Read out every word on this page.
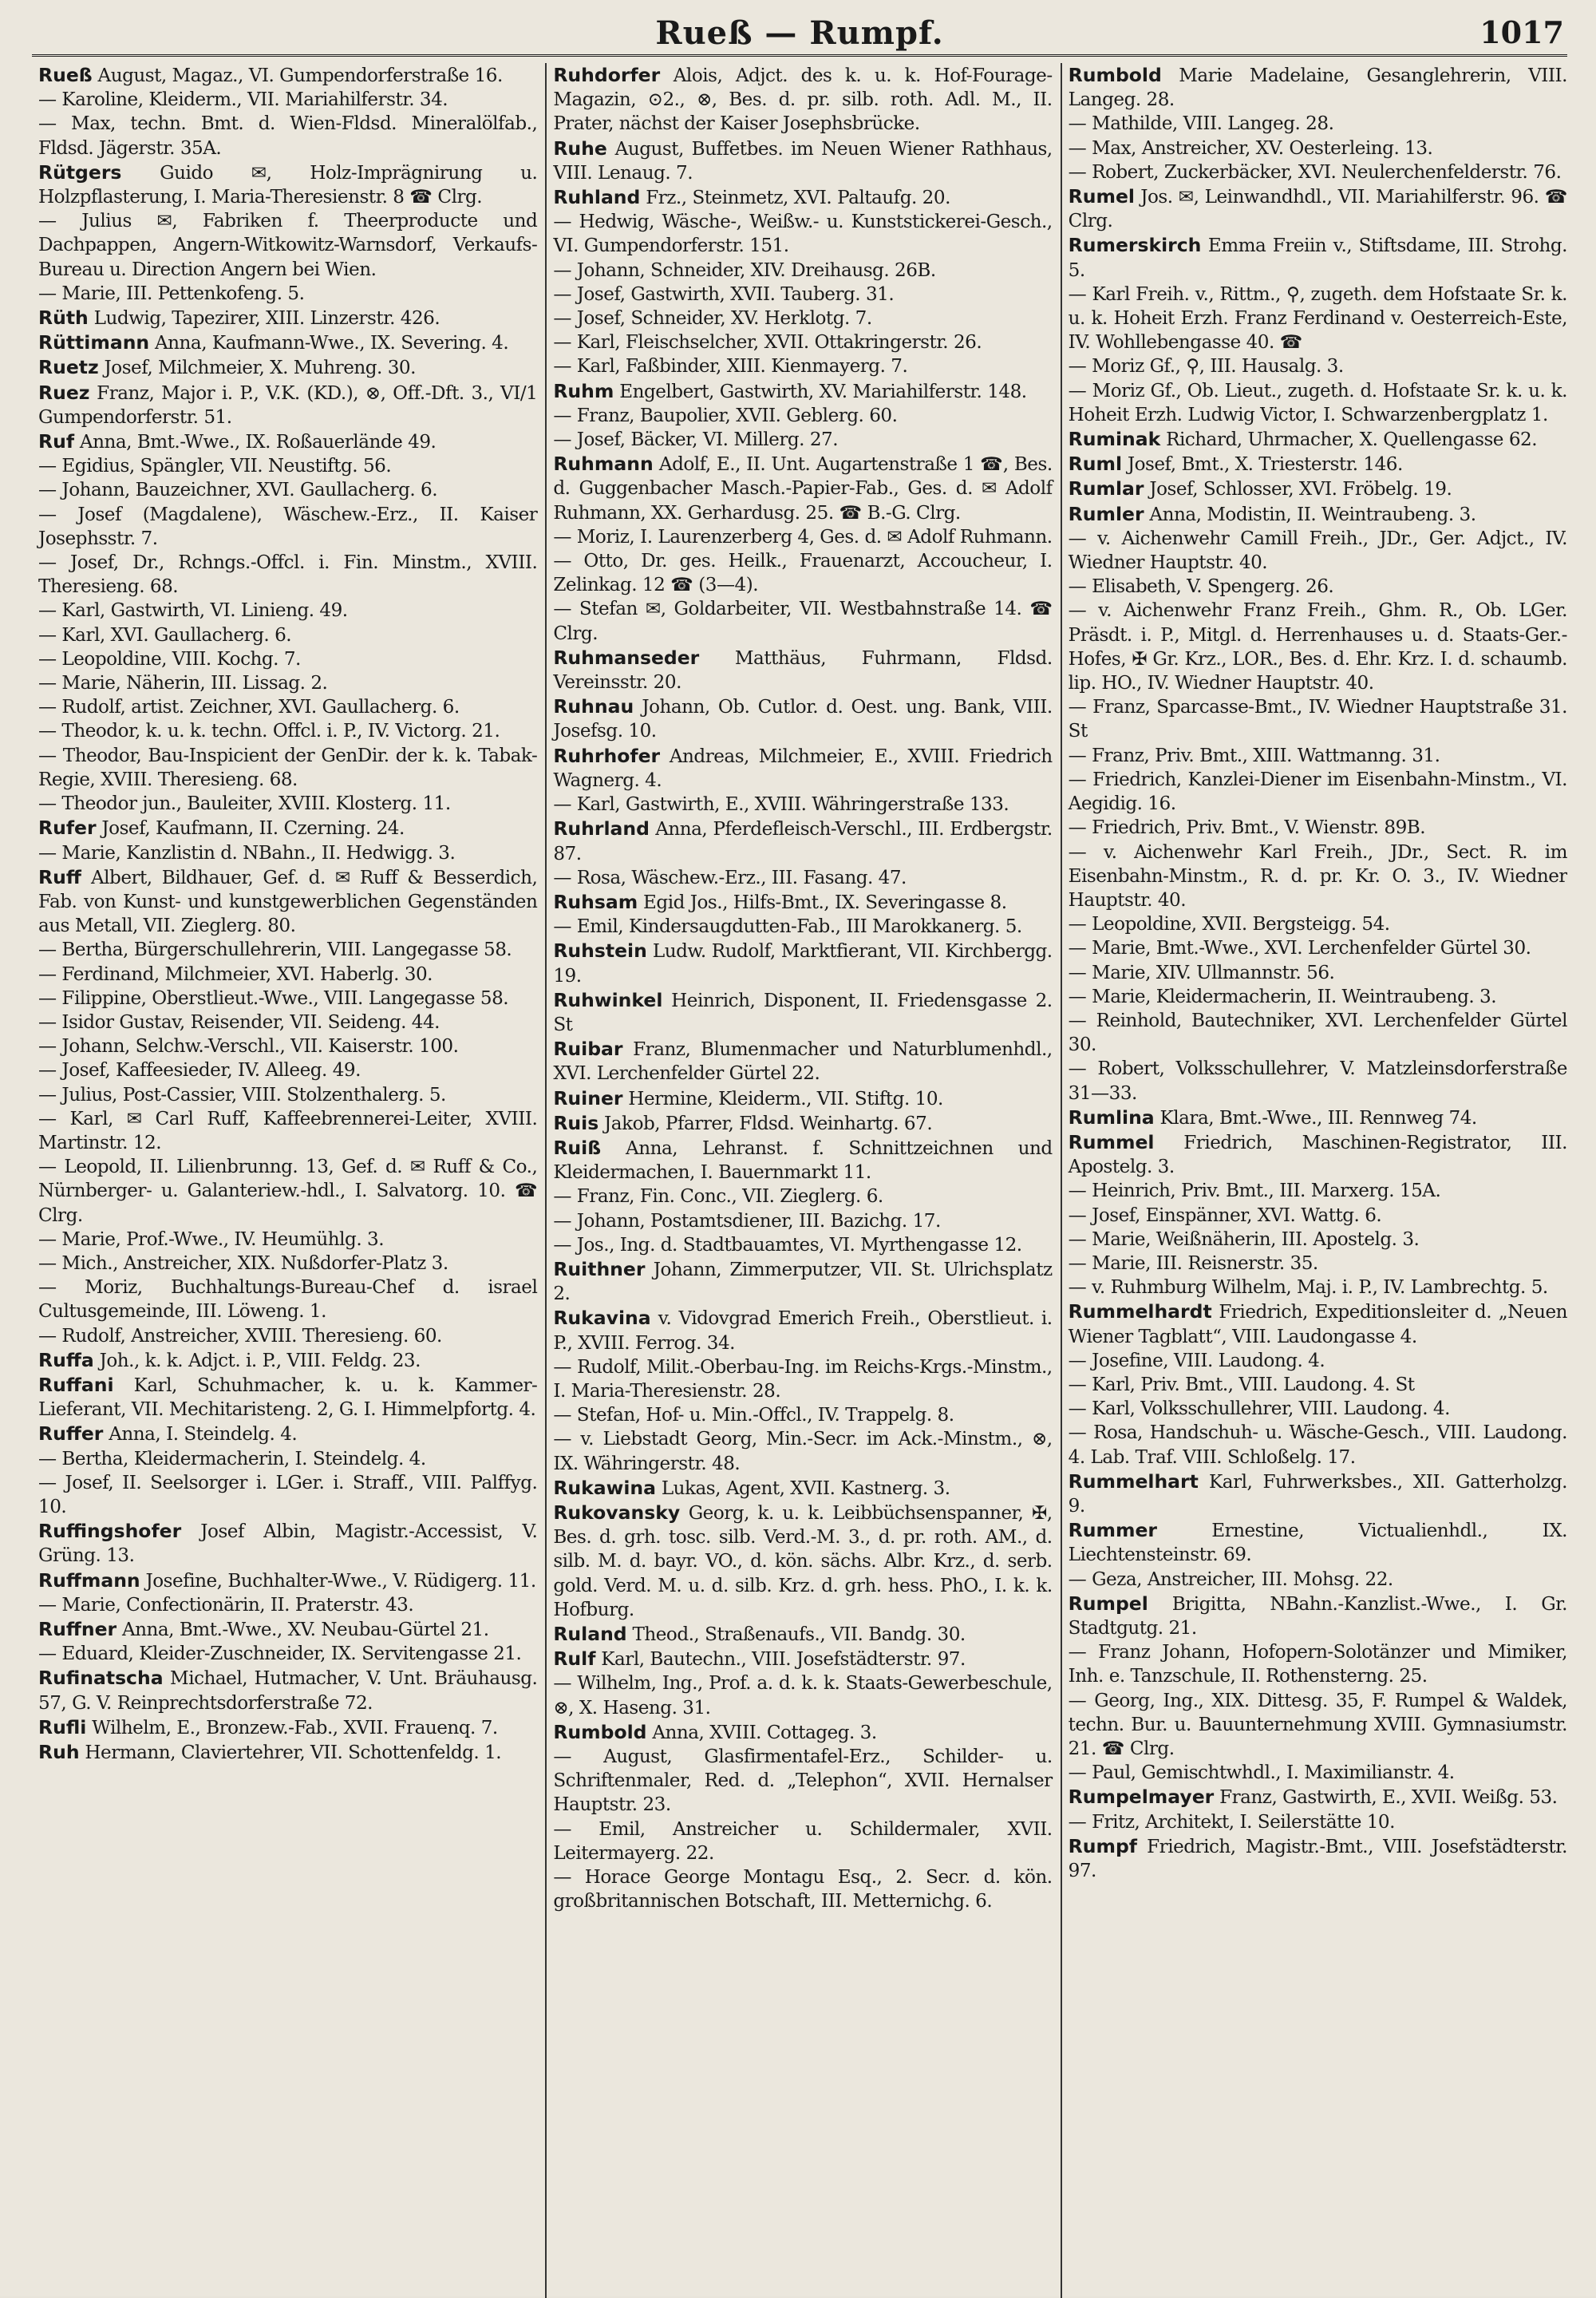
Rueß — Rumpf.	1017

Rueß August, Magaz., VI. Gumpendorferstraße 16.

— Karoline, Kleiderm., VII. Mariahilferstr. 34.

— Max, techn. Bmt. d. Wien-Fldsd. Mineralölfab., Fldsd. Jägerstr. 35A.

Rütgers Guido ✉, Holz-Imprägnirung u. Holzpflasterung, I. Maria-Theresienstr. 8 ☎ Clrg.

— Julius ✉, Fabriken f. Theerproducte und Dachpappen, Angern-Witkowitz-Warnsdorf, Verkaufs-Bureau u. Direction Angern bei Wien.

— Marie, III. Pettenkofeng. 5.

Rüth Ludwig, Tapezirer, XIII. Linzerstr. 426.

Rüttimann Anna, Kaufmann-Wwe., IX. Severing. 4.

Ruetz Josef, Milchmeier, X. Muhreng. 30.

Ruez Franz, Major i. P., V.K. (KD.), ⊗, Off.-Dft. 3., VI/1 Gumpendorferstr. 51.

Ruf Anna, Bmt.-Wwe., IX. Roßauerlände 49.

— Egidius, Spängler, VII. Neustiftg. 56.

— Johann, Bauzeichner, XVI. Gaullacherg. 6.

— Josef (Magdalene), Wäschew.-Erz., II. Kaiser Josephsstr. 7.

— Josef, Dr., Rchngs.-Offcl. i. Fin. Minstm., XVIII. Theresieng. 68.

— Karl, Gastwirth, VI. Linieng. 49.

— Karl, XVI. Gaullacherg. 6.

— Leopoldine, VIII. Kochg. 7.

— Marie, Näherin, III. Lissag. 2.

— Rudolf, artist. Zeichner, XVI. Gaullacherg. 6.

— Theodor, k. u. k. techn. Offcl. i. P., IV. Victorg. 21.

— Theodor, Bau-Inspicient der GenDir. der k. k. Tabak-Regie, XVIII. Theresieng. 68.

— Theodor jun., Bauleiter, XVIII. Klosterg. 11.

Rufer Josef, Kaufmann, II. Czerning. 24.

— Marie, Kanzlistin d. NBahn., II. Hedwigg. 3.

Ruff Albert, Bildhauer, Gef. d. ✉ Ruff & Besserdich, Fab. von Kunst- und kunstgewerblichen Gegenständen aus Metall, VII. Zieglerg. 80.

— Bertha, Bürgerschullehrerin, VIII. Langegasse 58.

— Ferdinand, Milchmeier, XVI. Haberlg. 30.

— Filippine, Oberstlieut.-Wwe., VIII. Langegasse 58.

— Isidor Gustav, Reisender, VII. Seideng. 44.

— Johann, Selchw.-Verschl., VII. Kaiserstr. 100.

— Josef, Kaffeesieder, IV. Alleeg. 49.

— Julius, Post-Cassier, VIII. Stolzenthalerg. 5.

— Karl, ✉ Carl Ruff, Kaffeebrennerei-Leiter, XVIII. Martinstr. 12.

— Leopold, II. Lilienbrunng. 13, Gef. d. ✉ Ruff & Co., Nürnberger- u. Galanteriew.-hdl., I. Salvatorg. 10. ☎ Clrg.

— Marie, Prof.-Wwe., IV. Heumühlg. 3.

— Mich., Anstreicher, XIX. Nußdorfer-Platz 3.

— Moriz, Buchhaltungs-Bureau-Chef d. israel Cultusgemeinde, III. Löweng. 1.

— Rudolf, Anstreicher, XVIII. Theresieng. 60.

Ruffa Joh., k. k. Adjct. i. P., VIII. Feldg. 23.

Ruffani Karl, Schuhmacher, k. u. k. Kammer-Lieferant, VII. Mechitaristeng. 2, G. I. Himmelpfortg. 4.

Ruffer Anna, I. Steindelg. 4.

— Bertha, Kleidermacherin, I. Steindelg. 4.

— Josef, II. Seelsorger i. LGer. i. Straff., VIII. Palffyg. 10.

Ruffingshofer Josef Albin, Magistr.-Accessist, V. Grüng. 13.

Ruffmann Josefine, Buchhalter-Wwe., V. Rüdigerg. 11.

— Marie, Confectionärin, II. Praterstr. 43.

Ruffner Anna, Bmt.-Wwe., XV. Neubau-Gürtel 21.

— Eduard, Kleider-Zuschneider, IX. Servitengasse 21.

Rufinatscha Michael, Hutmacher, V. Unt. Bräuhausg. 57, G. V. Reinprechtsdorferstraße 72.

Rufli Wilhelm, E., Bronzew.-Fab., XVII. Frauenq. 7.

Ruh Hermann, Claviertehrer, VII. Schottenfeldg. 1.

Ruhdorfer Alois, Adjct. des k. u. k. Hof-Fourage-Magazin, ⊙2., ⊗, Bes. d. pr. silb. roth. Adl. M., II. Prater, nächst der Kaiser Josephsbrücke.

Ruhe August, Buffetbes. im Neuen Wiener Rathhaus, VIII. Lenaug. 7.

Ruhland Frz., Steinmetz, XVI. Paltaufg. 20.

— Hedwig, Wäsche-, Weißw.- u. Kunststickerei-Gesch., VI. Gumpendorferstr. 151.

— Johann, Schneider, XIV. Dreihausg. 26B.

— Josef, Gastwirth, XVII. Tauberg. 31.

— Josef, Schneider, XV. Herklotg. 7.

— Karl, Fleischselcher, XVII. Ottakringerstr. 26.

— Karl, Faßbinder, XIII. Kienmayerg. 7.

Ruhm Engelbert, Gastwirth, XV. Mariahilferstr. 148.

— Franz, Baupolier, XVII. Geblerg. 60.

— Josef, Bäcker, VI. Millerg. 27.

Ruhmann Adolf, E., II. Unt. Augartenstraße 1 ☎, Bes. d. Guggenbacher Masch.-Papier-Fab., Ges. d. ✉ Adolf Ruhmann, XX. Gerhardusg. 25. ☎ B.-G. Clrg.

— Moriz, I. Laurenzerberg 4, Ges. d. ✉ Adolf Ruhmann.

— Otto, Dr. ges. Heilk., Frauenarzt, Accoucheur, I. Zelinkag. 12 ☎ (3—4).

— Stefan ✉, Goldarbeiter, VII. Westbahnstraße 14. ☎ Clrg.

Ruhmanseder Matthäus, Fuhrmann, Fldsd. Vereinsstr. 20.

Ruhnau Johann, Ob. Cutlor. d. Oest. ung. Bank, VIII. Josefsg. 10.

Ruhrhofer Andreas, Milchmeier, E., XVIII. Friedrich Wagnerg. 4.

— Karl, Gastwirth, E., XVIII. Währingerstraße 133.

Ruhrland Anna, Pferdefleisch-Verschl., III. Erdbergstr. 87.

— Rosa, Wäschew.-Erz., III. Fasang. 47.

Ruhsam Egid Jos., Hilfs-Bmt., IX. Severingasse 8.

— Emil, Kindersaugdutten-Fab., III Marokkanerg. 5.

Ruhstein Ludw. Rudolf, Marktfierant, VII. Kirchbergg. 19.

Ruhwinkel Heinrich, Disponent, II. Friedensgasse 2. St

Ruibar Franz, Blumenmacher und Naturblumenhdl., XVI. Lerchenfelder Gürtel 22.

Ruiner Hermine, Kleiderm., VII. Stiftg. 10.

Ruis Jakob, Pfarrer, Fldsd. Weinhartg. 67.

Ruiß Anna, Lehranst. f. Schnittzeichnen und Kleidermachen, I. Bauernmarkt 11.

— Franz, Fin. Conc., VII. Zieglerg. 6.

— Johann, Postamtsdiener, III. Bazichg. 17.

— Jos., Ing. d. Stadtbauamtes, VI. Myrthengasse 12.

Ruithner Johann, Zimmerputzer, VII. St. Ulrichsplatz 2.

Rukavina v. Vidovgrad Emerich Freih., Oberstlieut. i. P., XVIII. Ferrog. 34.

— Rudolf, Milit.-Oberbau-Ing. im Reichs-Krgs.-Minstm., I. Maria-Theresienstr. 28.

— Stefan, Hof- u. Min.-Offcl., IV. Trappelg. 8.

— v. Liebstadt Georg, Min.-Secr. im Ack.-Minstm., ⊗, IX. Währingerstr. 48.

Rukawina Lukas, Agent, XVII. Kastnerg. 3.

Rukovansky Georg, k. u. k. Leibbüchsenspanner, ✠, Bes. d. grh. tosc. silb. Verd.-M. 3., d. pr. roth. AM., d. silb. M. d. bayr. VO., d. kön. sächs. Albr. Krz., d. serb. gold. Verd. M. u. d. silb. Krz. d. grh. hess. PhO., I. k. k. Hofburg.

Ruland Theod., Straßenaufs., VII. Bandg. 30.

Rulf Karl, Bautechn., VIII. Josefstädterstr. 97.

— Wilhelm, Ing., Prof. a. d. k. k. Staats-Gewerbeschule, ⊗, X. Haseng. 31.

Rumbold Anna, XVIII. Cottageg. 3.

— August, Glasfirmentafel-Erz., Schilder- u. Schriftenmaler, Red. d. „Telephon“, XVII. Hernalser Hauptstr. 23.

— Emil, Anstreicher u. Schildermaler, XVII. Leitermayerg. 22.

— Horace George Montagu Esq., 2. Secr. d. kön. großbritannischen Botschaft, III. Metternichg. 6.

Rumbold Marie Madelaine, Gesanglehrerin, VIII. Langeg. 28.

— Mathilde, VIII. Langeg. 28.

— Max, Anstreicher, XV. Oesterleing. 13.

— Robert, Zuckerbäcker, XVI. Neulerchenfelderstr. 76.

Rumel Jos. ✉, Leinwandhdl., VII. Mariahilferstr. 96. ☎ Clrg.

Rumerskirch Emma Freiin v., Stiftsdame, III. Strohg. 5.

— Karl Freih. v., Rittm., ⚲, zugeth. dem Hofstaate Sr. k. u. k. Hoheit Erzh. Franz Ferdinand v. Oesterreich-Este, IV. Wohllebengasse 40. ☎

— Moriz Gf., ⚲, III. Hausalg. 3.

— Moriz Gf., Ob. Lieut., zugeth. d. Hofstaate Sr. k. u. k. Hoheit Erzh. Ludwig Victor, I. Schwarzenbergplatz 1.

Ruminak Richard, Uhrmacher, X. Quellengasse 62.

Ruml Josef, Bmt., X. Triesterstr. 146.

Rumlar Josef, Schlosser, XVI. Fröbelg. 19.

Rumler Anna, Modistin, II. Weintraubeng. 3.

— v. Aichenwehr Camill Freih., JDr., Ger. Adjct., IV. Wiedner Hauptstr. 40.

— Elisabeth, V. Spengerg. 26.

— v. Aichenwehr Franz Freih., Ghm. R., Ob. LGer. Präsdt. i. P., Mitgl. d. Herrenhauses u. d. Staats-Ger.-Hofes, ✠ Gr. Krz., LOR., Bes. d. Ehr. Krz. I. d. schaumb. lip. HO., IV. Wiedner Hauptstr. 40.

— Franz, Sparcasse-Bmt., IV. Wiedner Hauptstraße 31. St

— Franz, Priv. Bmt., XIII. Wattmanng. 31.

— Friedrich, Kanzlei-Diener im Eisenbahn-Minstm., VI. Aegidig. 16.

— Friedrich, Priv. Bmt., V. Wienstr. 89B.

— v. Aichenwehr Karl Freih., JDr., Sect. R. im Eisenbahn-Minstm., R. d. pr. Kr. O. 3., IV. Wiedner Hauptstr. 40.

— Leopoldine, XVII. Bergsteigg. 54.

— Marie, Bmt.-Wwe., XVI. Lerchenfelder Gürtel 30.

— Marie, XIV. Ullmannstr. 56.

— Marie, Kleidermacherin, II. Weintraubeng. 3.

— Reinhold, Bautechniker, XVI. Lerchenfelder Gürtel 30.

— Robert, Volksschullehrer, V. Matzleinsdorferstraße 31—33.

Rumlina Klara, Bmt.-Wwe., III. Rennweg 74.

Rummel Friedrich, Maschinen-Registrator, III. Apostelg. 3.

— Heinrich, Priv. Bmt., III. Marxerg. 15A.

— Josef, Einspänner, XVI. Wattg. 6.

— Marie, Weißnäherin, III. Apostelg. 3.

— Marie, III. Reisnerstr. 35.

— v. Ruhmburg Wilhelm, Maj. i. P., IV. Lambrechtg. 5.

Rummelhardt Friedrich, Expeditionsleiter d. „Neuen Wiener Tagblatt“, VIII. Laudongasse 4.

— Josefine, VIII. Laudong. 4.

— Karl, Priv. Bmt., VIII. Laudong. 4. St

— Karl, Volksschullehrer, VIII. Laudong. 4.

— Rosa, Handschuh- u. Wäsche-Gesch., VIII. Laudong. 4. Lab. Traf. VIII. Schloßelg. 17.

Rummelhart Karl, Fuhrwerksbes., XII. Gatterholzg. 9.

Rummer Ernestine, Victualienhdl., IX. Liechtensteinstr. 69.

— Geza, Anstreicher, III. Mohsg. 22.

Rumpel Brigitta, NBahn.-Kanzlist.-Wwe., I. Gr. Stadtgutg. 21.

— Franz Johann, Hofopern-Solotänzer und Mimiker, Inh. e. Tanzschule, II. Rothensterng. 25.

— Georg, Ing., XIX. Dittesg. 35, F. Rumpel & Waldek, techn. Bur. u. Bauunternehmung XVIII. Gymnasiumstr. 21. ☎ Clrg.

— Paul, Gemischtwhdl., I. Maximilianstr. 4.

Rumpelmayer Franz, Gastwirth, E., XVII. Weißg. 53.

— Fritz, Architekt, I. Seilerstätte 10.

Rumpf Friedrich, Magistr.-Bmt., VIII. Josefstädterstr. 97.
